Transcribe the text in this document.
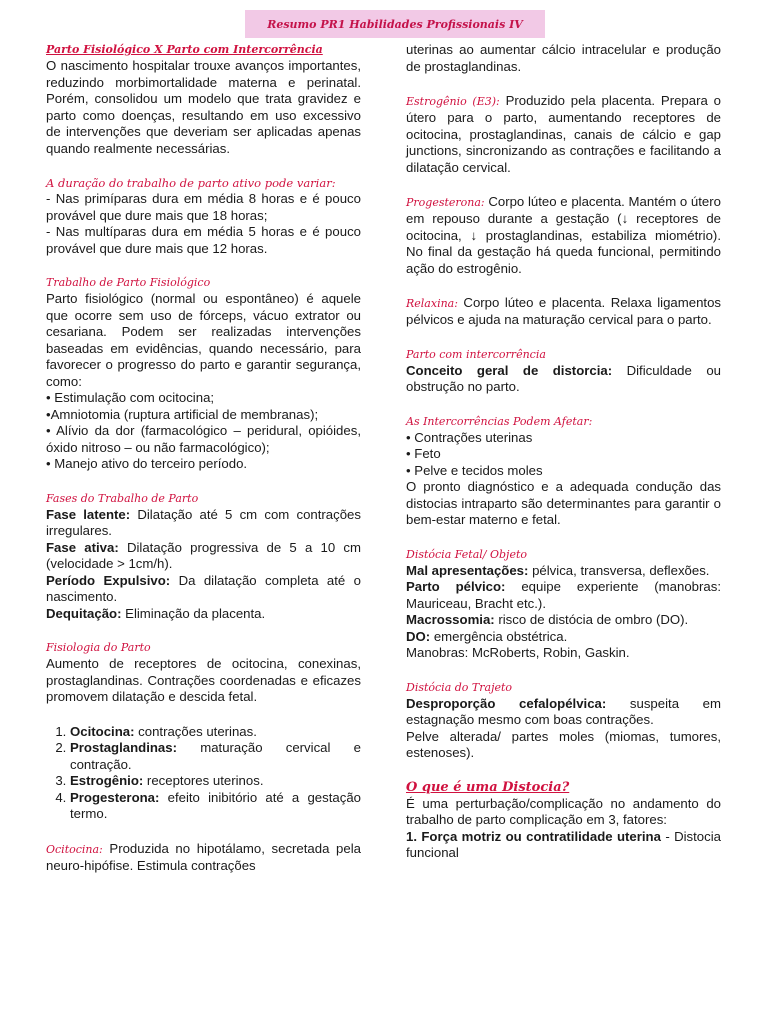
Resumo PR1 Habilidades Profissionais IV

Parto Fisiológico X Parto com Intercorrência

O nascimento hospitalar trouxe avanços importantes, reduzindo morbimortalidade materna e perinatal. Porém, consolidou um modelo que trata gravidez e parto como doenças, resultando em uso excessivo de intervenções que deveriam ser aplicadas apenas quando realmente necessárias.

A duração do trabalho de parto ativo pode variar:

- Nas primíparas dura em média 8 horas e é pouco provável que dure mais que 18 horas;

- Nas multíparas dura em média 5 horas e é pouco provável que dure mais que 12 horas.

Trabalho de Parto Fisiológico

Parto fisiológico (normal ou espontâneo) é aquele que ocorre sem uso de fórceps, vácuo extrator ou cesariana. Podem ser realizadas intervenções baseadas em evidências, quando necessário, para favorecer o progresso do parto e garantir segurança, como:

• Estimulação com ocitocina;
•Amniotomia (ruptura artificial de membranas);
• Alívio da dor (farmacológico – peridural, opióides, óxido nitroso – ou não farmacológico);
• Manejo ativo do terceiro período.

Fases do Trabalho de Parto

Fase latente: Dilatação até 5 cm com contrações irregulares.

Fase ativa: Dilatação progressiva de 5 a 10 cm (velocidade > 1cm/h).

Período Expulsivo: Da dilatação completa até o nascimento.

Dequitação: Eliminação da placenta.

Fisiologia do Parto

Aumento de receptores de ocitocina, conexinas, prostaglandinas. Contrações coordenadas e eficazes promovem dilatação e descida fetal.

1. Ocitocina: contrações uterinas.
2. Prostaglandinas: maturação cervical e contração.
3. Estrogênio: receptores uterinos.
4. Progesterona: efeito inibitório até a gestação termo.

Ocitocina: Produzida no hipotálamo, secretada pela neuro-hipófise. Estimula contrações

uterinas ao aumentar cálcio intracelular e produção de prostaglandinas.

Estrogênio (E3): Produzido pela placenta. Prepara o útero para o parto, aumentando receptores de ocitocina, prostaglandinas, canais de cálcio e gap junctions, sincronizando as contrações e facilitando a dilatação cervical.

Progesterona: Corpo lúteo e placenta. Mantém o útero em repouso durante a gestação (↓ receptores de ocitocina, ↓ prostaglandinas, estabiliza miométrio). No final da gestação há queda funcional, permitindo ação do estrogênio.

Relaxina: Corpo lúteo e placenta. Relaxa ligamentos pélvicos e ajuda na maturação cervical para o parto.

Parto com intercorrência

Conceito geral de distorcia: Dificuldade ou obstrução no parto.

As Intercorrências Podem Afetar:

• Contrações uterinas
• Feto
• Pelve e tecidos moles

O pronto diagnóstico e a adequada condução das distocias intraparto são determinantes para garantir o bem-estar materno e fetal.

Distócia Fetal/ Objeto

Mal apresentações: pélvica, transversa, deflexões.

Parto pélvico: equipe experiente (manobras: Mauriceau, Bracht etc.).

Macrossomia: risco de distócia de ombro (DO).

DO: emergência obstétrica.

Manobras: McRoberts, Robin, Gaskin.

Distócia do Trajeto

Desproporção cefalopélvica: suspeita em estagnação mesmo com boas contrações.

Pelve alterada/ partes moles (miomas, tumores, estenoses).

O que é uma Distocia?

É uma perturbação/complicação no andamento do trabalho de parto complicação em 3, fatores:

1. Força motriz ou contratilidade uterina - Distocia funcional
